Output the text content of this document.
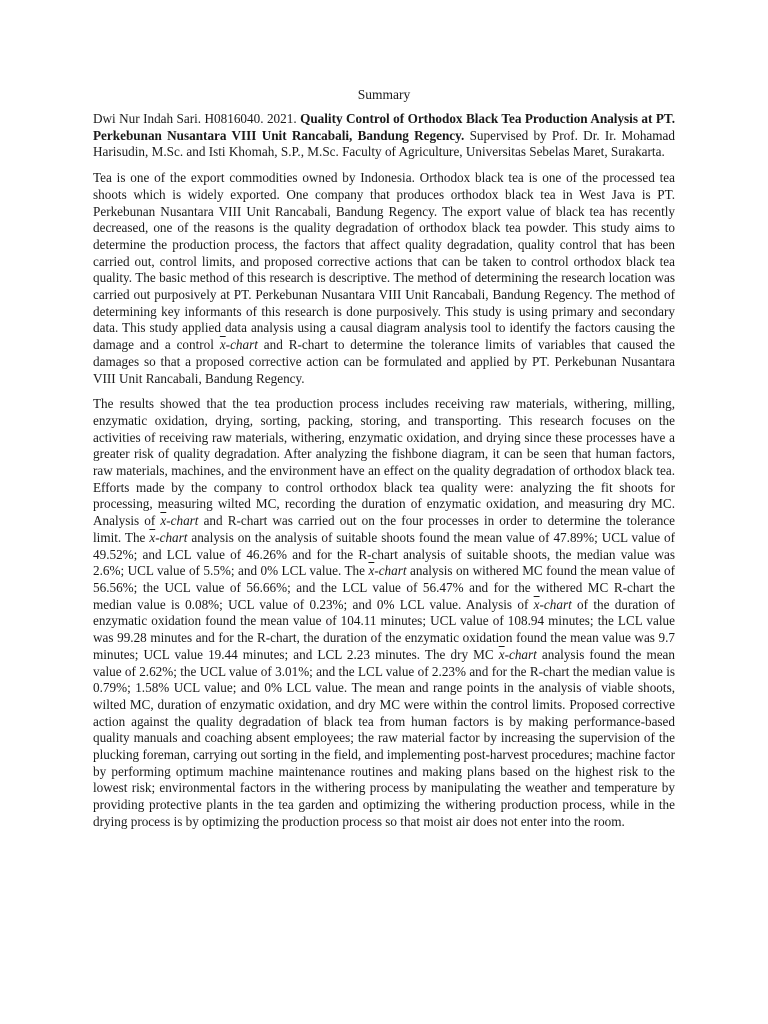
Summary

Dwi Nur Indah Sari. H0816040. 2021. Quality Control of Orthodox Black Tea Production Analysis at PT. Perkebunan Nusantara VIII Unit Rancabali, Bandung Regency. Supervised by Prof. Dr. Ir. Mohamad Harisudin, M.Sc. and Isti Khomah, S.P., M.Sc. Faculty of Agriculture, Universitas Sebelas Maret, Surakarta.

Tea is one of the export commodities owned by Indonesia. Orthodox black tea is one of the processed tea shoots which is widely exported. One company that produces orthodox black tea in West Java is PT. Perkebunan Nusantara VIII Unit Rancabali, Bandung Regency. The export value of black tea has recently decreased, one of the reasons is the quality degradation of orthodox black tea powder. This study aims to determine the production process, the factors that affect quality degradation, quality control that has been carried out, control limits, and proposed corrective actions that can be taken to control orthodox black tea quality. The basic method of this research is descriptive. The method of determining the research location was carried out purposively at PT. Perkebunan Nusantara VIII Unit Rancabali, Bandung Regency. The method of determining key informants of this research is done purposively. This study is using primary and secondary data. This study applied data analysis using a causal diagram analysis tool to identify the factors causing the damage and a control $\overline{x}$-chart and R-chart to determine the tolerance limits of variables that caused the damages so that a proposed corrective action can be formulated and applied by PT. Perkebunan Nusantara VIII Unit Rancabali, Bandung Regency.

The results showed that the tea production process includes receiving raw materials, withering, milling, enzymatic oxidation, drying, sorting, packing, storing, and transporting. This research focuses on the activities of receiving raw materials, withering, enzymatic oxidation, and drying since these processes have a greater risk of quality degradation. After analyzing the fishbone diagram, it can be seen that human factors, raw materials, machines, and the environment have an effect on the quality degradation of orthodox black tea. Efforts made by the company to control orthodox black tea quality were: analyzing the fit shoots for processing, measuring wilted MC, recording the duration of enzymatic oxidation, and measuring dry MC. Analysis of $\overline{x}$-chart and R-chart was carried out on the four processes in order to determine the tolerance limit. The $\overline{x}$-chart analysis on the analysis of suitable shoots found the mean value of 47.89%; UCL value of 49.52%; and LCL value of 46.26% and for the R-chart analysis of suitable shoots, the median value was 2.6%; UCL value of 5.5%; and 0% LCL value. The $\overline{x}$-chart analysis on withered MC found the mean value of 56.56%; the UCL value of 56.66%; and the LCL value of 56.47% and for the withered MC R-chart the median value is 0.08%; UCL value of 0.23%; and 0% LCL value. Analysis of $\overline{x}$-chart of the duration of enzymatic oxidation found the mean value of 104.11 minutes; UCL value of 108.94 minutes; the LCL value was 99.28 minutes and for the R-chart, the duration of the enzymatic oxidation found the mean value was 9.7 minutes; UCL value 19.44 minutes; and LCL 2.23 minutes. The dry MC $\overline{x}$-chart analysis found the mean value of 2.62%; the UCL value of 3.01%; and the LCL value of 2.23% and for the R-chart the median value is 0.79%; 1.58% UCL value; and 0% LCL value. The mean and range points in the analysis of viable shoots, wilted MC, duration of enzymatic oxidation, and dry MC were within the control limits. Proposed corrective action against the quality degradation of black tea from human factors is by making performance-based quality manuals and coaching absent employees; the raw material factor by increasing the supervision of the plucking foreman, carrying out sorting in the field, and implementing post-harvest procedures; machine factor by performing optimum machine maintenance routines and making plans based on the highest risk to the lowest risk; environmental factors in the withering process by manipulating the weather and temperature by providing protective plants in the tea garden and optimizing the withering production process, while in the drying process is by optimizing the production process so that moist air does not enter into the room.
